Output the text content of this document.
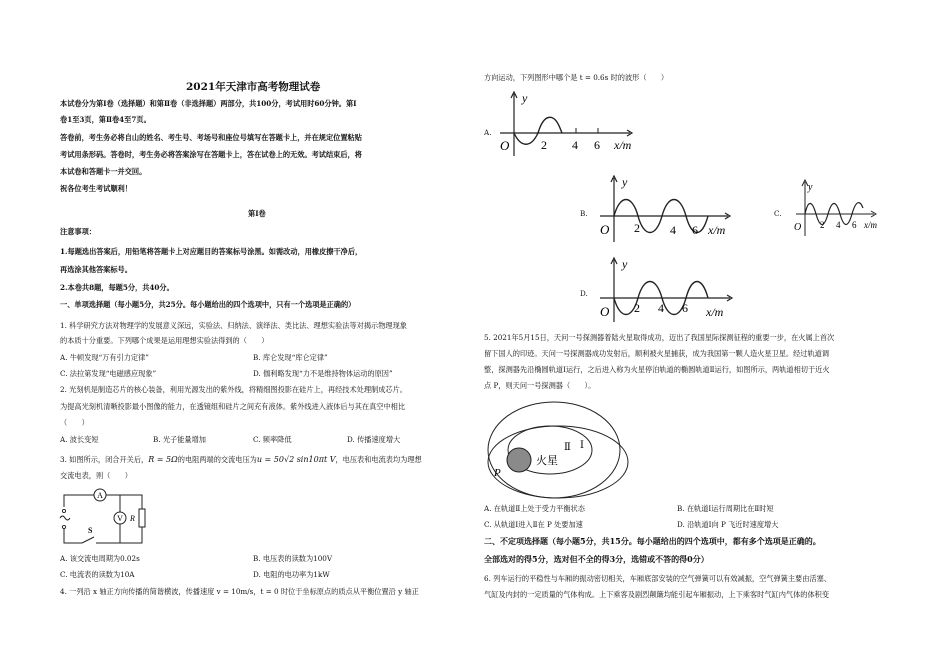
2021年天津市高考物理试卷
本试卷分为第Ⅰ卷（选择题）和第Ⅱ卷（非选择题）两部分，共100分，考试用时60分钟。第Ⅰ
卷1至3页，第Ⅱ卷4至7页。
答卷前，考生务必将自山的姓名、考生号、考场号和座位号填写在答题卡上，并在规定位置粘贴
考试用条形码。答卷时，考生务必将答案涂写在答题卡上，答在试卷上的无效。考试结束后，将
本试卷和答题卡一并交回。
祝各位考生考试顺利！
第Ⅰ卷
注意事项：
1.每题选出答案后，用铅笔将答题卡上对应题目的答案标号涂黑。如需改动，用橡皮擦干净后，
再选涂其他答案标号。
2.本卷共8题，每题5分，共40分。
一、单项选择题（每小题5分，共25分。每小题给出的四个选项中，只有一个选项是正确的）
1. 科学研究方法对物理学的发展意义深远，实验法、归纳法、演绎法、类比法、理想实验法等对揭示物理现象
的本质十分重要。下列哪个成果是运用理想实验法得到的（　　）
A. 牛顿发现“万有引力定律”	B. 库仑发现“库仑定律”
C. 法拉第发现“电磁感应现象”	D. 伽利略发现“力不是维持物体运动的原因”
2. 光刻机是制造芯片的核心装备，利用光源发出的紫外线，将精细图投影在硅片上，再经技术处理制成芯片。
为提高光刻机清晰投影最小图像的能力，在透镜组和硅片之间充有液体。紫外线进入液体后与其在真空中相比
（　　）
A. 波长变短	B. 光子能量增加	C. 频率降低	D. 传播速度增大
3. 如图所示，闭合开关后，R = 5Ω的电阻两端的交流电压为u = 50√2 sin10πt V，电压表和电流表均为理想
交流电表，则（　　）
A
V R
S
A. 该交流电周期为0.02s	B. 电压表的读数为100V
C. 电流表的读数为10A	D. 电阻的电功率为1kW
4. 一列沿 x 轴正方向传播的简谐横波，传播速度 v = 10m/s，t = 0 时位于坐标原点的质点从平衡位置沿 y 轴正
方向运动，下列图形中哪个是 t = 0.6s 时的波形（　　）
A.
y
O	2 4 6 x/m
B.
y
O 2	4 6 x/m
C.
y
O 2 4 6 x/m
D.
y
O 2 4 6 x/m
5. 2021年5月15日，天问一号探测器着陆火星取得成功，迈出了我国星际探测征程的重要一步，在火属上首次
留下国人的印迹。天问一号探测器成功发射后，顺利被火星捕获，成为我国第一颗人造火星卫星。经过轨道调
整，探测器先沿椭圆轨道Ⅰ运行，之后进入称为火星停泊轨道的椭圆轨道Ⅱ运行，如图所示，两轨道相切于近火
点 P，则天问一号探测器（　　）。
火星
Ⅱ Ⅰ
P
A. 在轨道Ⅱ上处于受力平衡状态	B. 在轨道Ⅰ运行周期比在Ⅱ时短
C. 从轨道Ⅰ进入Ⅱ在 P 处要加速	D. 沿轨道Ⅰ向 P 飞近时速度增大
二、不定项选择题（每小题5分，共15分。每小题给出的四个选项中，都有多个选项是正确的。
全部选对的得5分，选对但不全的得3分，选错或不答的得0分）
6. 列车运行的平稳性与车厢的振动密切相关，车厢底部安装的空气弹簧可以有效减振，空气弹簧主要由活塞、
气缸及内封的一定质量的气体构成。上下乘客及剧烈颠簸均能引起车厢振动，上下乘客时气缸内气体的体积变
